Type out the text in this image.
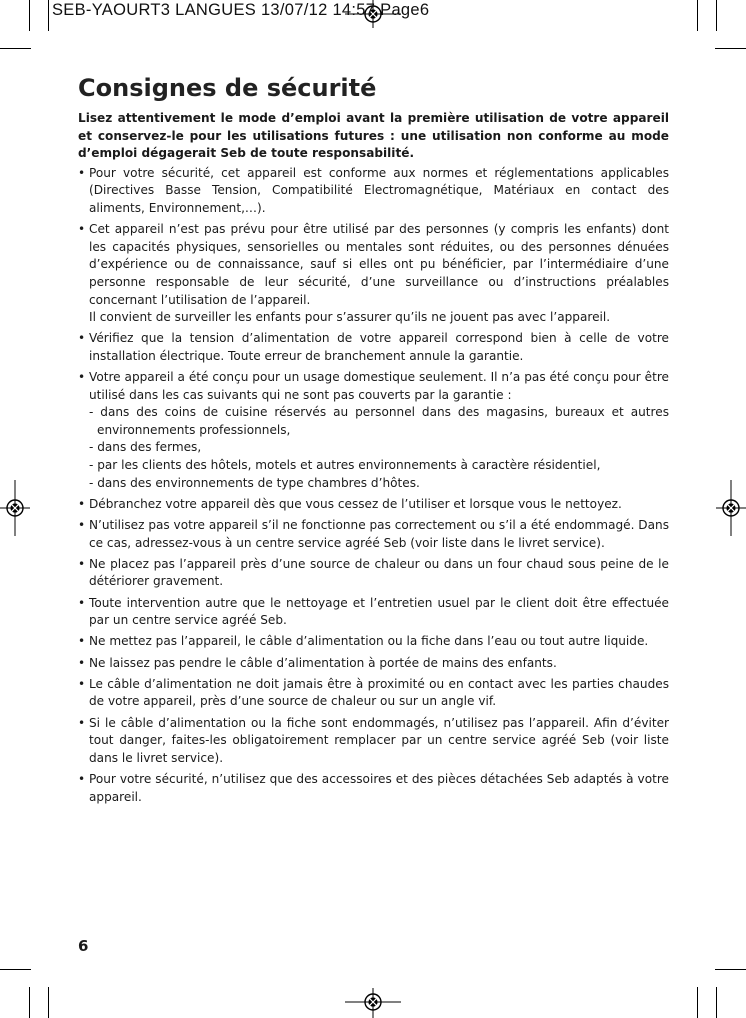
SEB-YAOURT3 LANGUES 13/07/12 14:57 Page6
Consignes de sécurité

Lisez attentivement le mode d’emploi avant la première utilisation de votre appareil et conservez-le pour les utilisations futures : une utilisation non conforme au mode d’emploi dégagerait Seb de toute responsabilité.

• Pour votre sécurité, cet appareil est conforme aux normes et réglementations applicables (Directives Basse Tension, Compatibilité Electromagnétique, Matériaux en contact des aliments, Environnement,…).
• Cet appareil n’est pas prévu pour être utilisé par des personnes (y compris les enfants) dont les capacités physiques, sensorielles ou mentales sont réduites, ou des personnes dénuées d’expérience ou de connaissance, sauf si elles ont pu bénéficier, par l’intermédiaire d’une personne responsable de leur sécurité, d’une surveillance ou d’instructions préalables concernant l’utilisation de l’appareil.
Il convient de surveiller les enfants pour s’assurer qu’ils ne jouent pas avec l’appareil.
• Vérifiez que la tension d’alimentation de votre appareil correspond bien à celle de votre installation électrique. Toute erreur de branchement annule la garantie.
• Votre appareil a été conçu pour un usage domestique seulement. Il n’a pas été conçu pour être utilisé dans les cas suivants qui ne sont pas couverts par la garantie :
- dans des coins de cuisine réservés au personnel dans des magasins, bureaux et autres environnements professionnels,
- dans des fermes,
- par les clients des hôtels, motels et autres environnements à caractère résidentiel,
- dans des environnements de type chambres d’hôtes.
• Débranchez votre appareil dès que vous cessez de l’utiliser et lorsque vous le nettoyez.
• N’utilisez pas votre appareil s’il ne fonctionne pas correctement ou s’il a été endommagé. Dans ce cas, adressez-vous à un centre service agréé Seb (voir liste dans le livret service).
• Ne placez pas l’appareil près d’une source de chaleur ou dans un four chaud sous peine de le détériorer gravement.
• Toute intervention autre que le nettoyage et l’entretien usuel par le client doit être effectuée par un centre service agréé Seb.
• Ne mettez pas l’appareil, le câble d’alimentation ou la fiche dans l’eau ou tout autre liquide.
• Ne laissez pas pendre le câble d’alimentation à portée de mains des enfants.
• Le câble d’alimentation ne doit jamais être à proximité ou en contact avec les parties chaudes de votre appareil, près d’une source de chaleur ou sur un angle vif.
• Si le câble d’alimentation ou la fiche sont endommagés, n’utilisez pas l’appareil. Afin d’éviter tout danger, faites-les obligatoirement remplacer par un centre service agréé Seb (voir liste dans le livret service).
• Pour votre sécurité, n’utilisez que des accessoires et des pièces détachées Seb adaptés à votre appareil.
6
